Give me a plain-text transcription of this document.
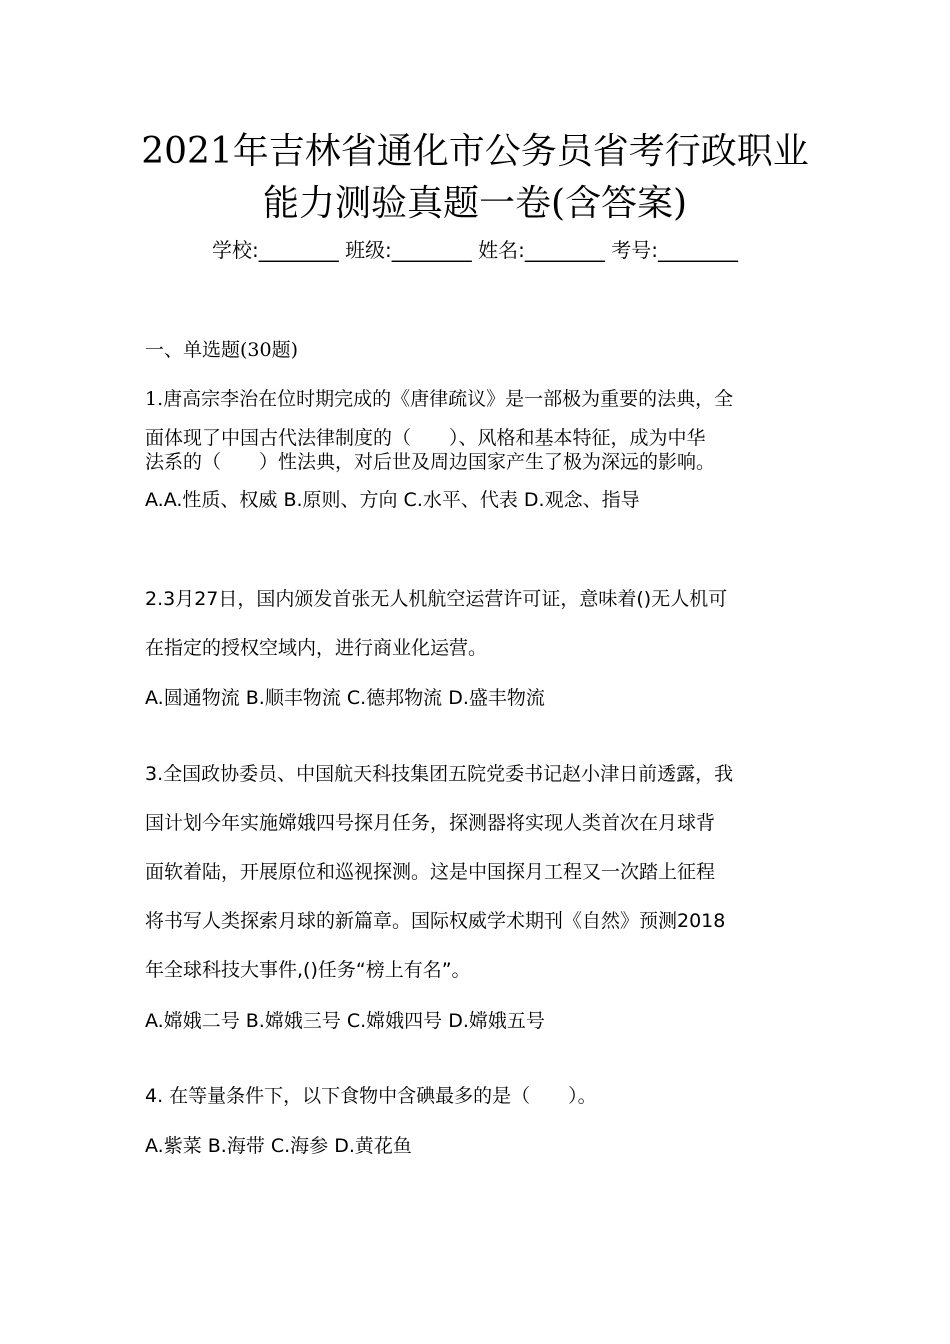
2021年吉林省通化市公务员省考行政职业
能力测验真题一卷(含答案)
学校:________ 班级:________ 姓名:________ 考号:________
一、单选题(30题)
1.唐高宗李治在位时期完成的《唐律疏议》是一部极为重要的法典，全
面体现了中国古代法律制度的（　　）、风格和基本特征，成为中华
法系的（　　）性法典，对后世及周边国家产生了极为深远的影响。
A.A.性质、权威 B.原则、方向 C.水平、代表 D.观念、指导
2.3月27日，国内颁发首张无人机航空运营许可证，意味着()无人机可
在指定的授权空域内，进行商业化运营。
A.圆通物流 B.顺丰物流 C.德邦物流 D.盛丰物流
3.全国政协委员、中国航天科技集团五院党委书记赵小津日前透露，我
国计划今年实施嫦娥四号探月任务，探测器将实现人类首次在月球背
面软着陆，开展原位和巡视探测。这是中国探月工程又一次踏上征程
将书写人类探索月球的新篇章。国际权威学术期刊《自然》预测2018
年全球科技大事件,()任务“榜上有名”。
A.嫦娥二号 B.嫦娥三号 C.嫦娥四号 D.嫦娥五号
4. 在等量条件下，以下食物中含碘最多的是（　　）。
A.紫菜 B.海带 C.海参 D.黄花鱼
